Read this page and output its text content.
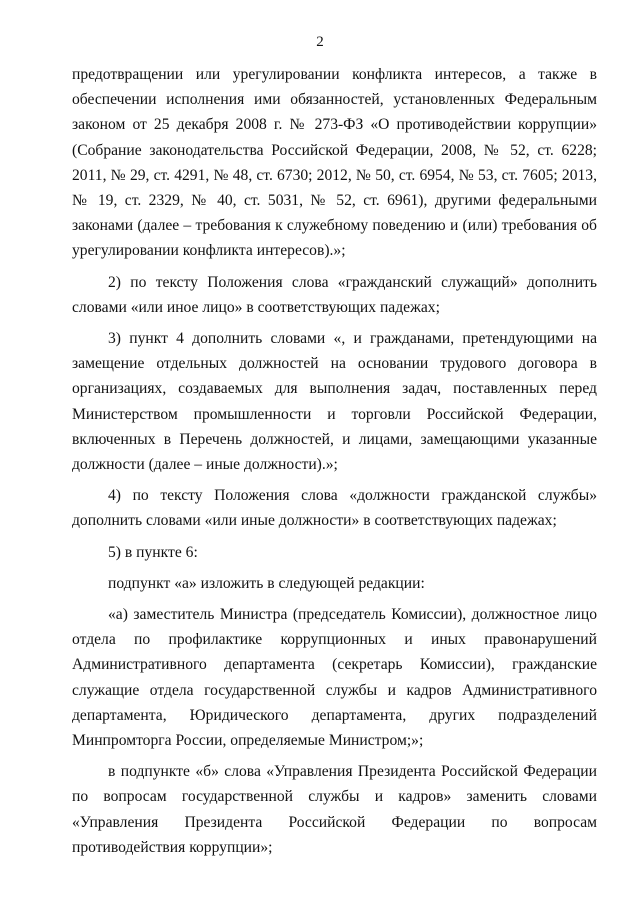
2

предотвращении или урегулировании конфликта интересов, а также в обеспечении исполнения ими обязанностей, установленных Федеральным законом от 25 декабря 2008 г. № 273-ФЗ «О противодействии коррупции» (Собрание законодательства Российской Федерации, 2008, № 52, ст. 6228; 2011, № 29, ст. 4291, № 48, ст. 6730; 2012, № 50, ст. 6954, № 53, ст. 7605; 2013, № 19, ст. 2329, № 40, ст. 5031, № 52, ст. 6961), другими федеральными законами (далее – требования к служебному поведению и (или) требования об урегулировании конфликта интересов).»;

2) по тексту Положения слова «гражданский служащий» дополнить словами «или иное лицо» в соответствующих падежах;

3) пункт 4 дополнить словами «, и гражданами, претендующими на замещение отдельных должностей на основании трудового договора в организациях, создаваемых для выполнения задач, поставленных перед Министерством промышленности и торговли Российской Федерации, включенных в Перечень должностей, и лицами, замещающими указанные должности (далее – иные должности).»;

4) по тексту Положения слова «должности гражданской службы» дополнить словами «или иные должности» в соответствующих падежах;

5) в пункте 6:

подпункт «а» изложить в следующей редакции:

«а) заместитель Министра (председатель Комиссии), должностное лицо отдела по профилактике коррупционных и иных правонарушений Административного департамента (секретарь Комиссии), гражданские служащие отдела государственной службы и кадров Административного департамента, Юридического департамента, других подразделений Минпромторга России, определяемые Министром;»;

в подпункте «б» слова «Управления Президента Российской Федерации по вопросам государственной службы и кадров» заменить словами «Управления Президента Российской Федерации по вопросам противодействия коррупции»;
